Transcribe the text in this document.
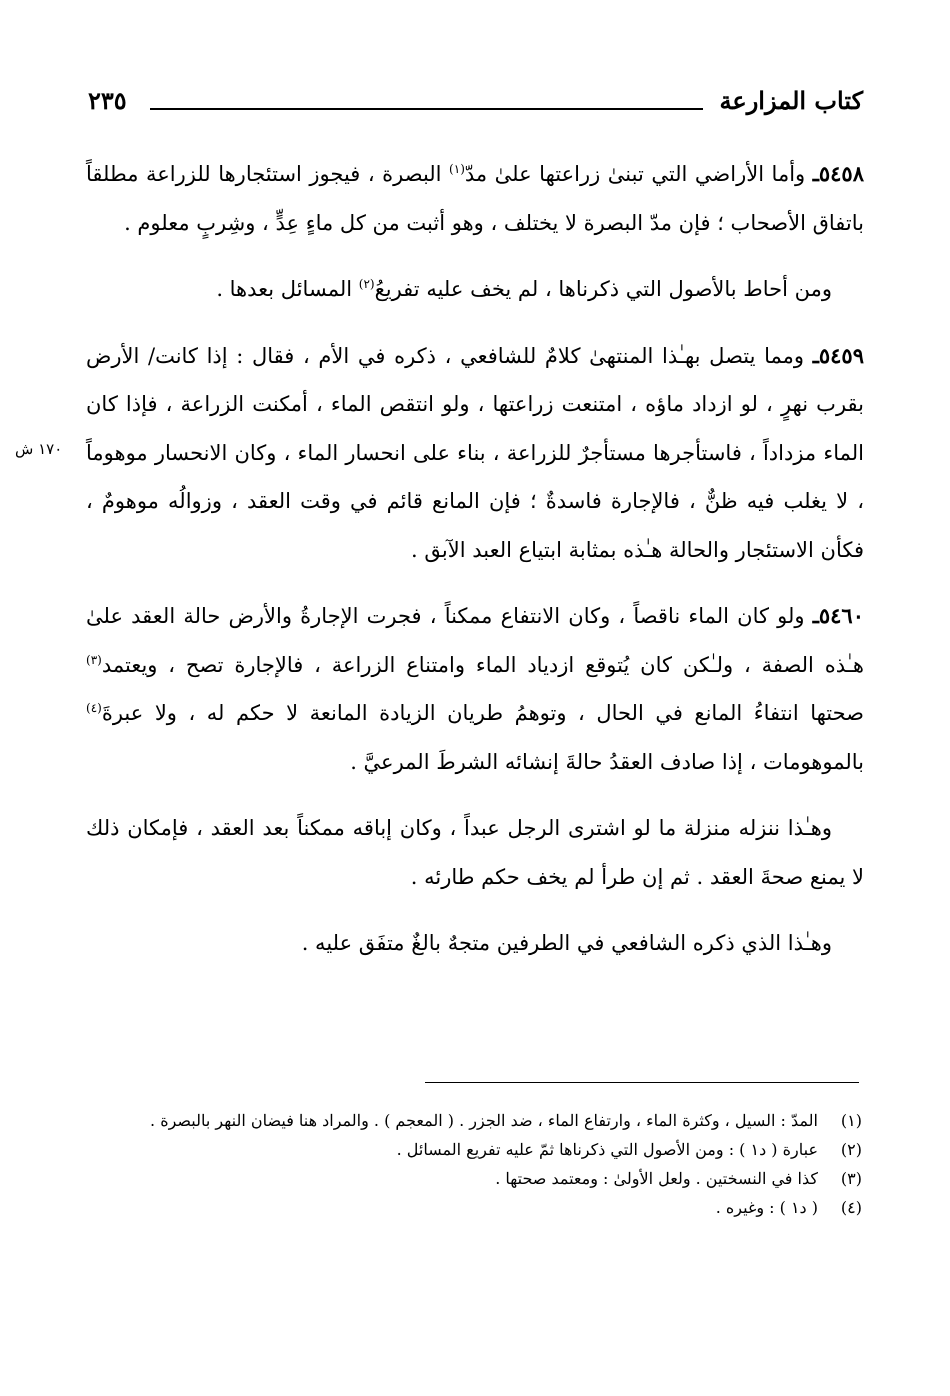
كتاب المزارعة
٢٣٥
١٧٠ ش

٥٤٥٨ـ وأما الأراضي التي تبنىٰ زراعتها علىٰ مدّ$^{(١)}$ البصرة ، فيجوز استئجارها للزراعة مطلقاً باتفاق الأصحاب ؛ فإن مدّ البصرة لا يختلف ، وهو أثبت من كل ماءٍ عِدٍّ ، وشِربٍ معلوم .

ومن أحاط بالأصول التي ذكرناها ، لم يخف عليه تفريعُ$^{(٢)}$ المسائل بعدها .

٥٤٥٩ـ ومما يتصل بهـٰذا المنتهىٰ كلامٌ للشافعي ، ذكره في الأم ، فقال : إذا كانت/ الأرض بقرب نهرٍ ، لو ازداد ماؤه ، امتنعت زراعتها ، ولو انتقص الماء ، أمكنت الزراعة ، فإذا كان الماء مزداداً ، فاستأجرها مستأجرٌ للزراعة ، بناء على انحسار الماء ، وكان الانحسار موهوماً ، لا يغلب فيه ظنٌّ ، فالإجارة فاسدةٌ ؛ فإن المانع قائم في وقت العقد ، وزوالُه موهومٌ ، فكأن الاستئجار والحالة هـٰذه بمثابة ابتياع العبد الآبق .

٥٤٦٠ـ ولو كان الماء ناقصاً ، وكان الانتفاع ممكناً ، فجرت الإجارةُ والأرض حالة العقد علىٰ هـٰذه الصفة ، ولـٰكن كان يُتوقع ازدياد الماء وامتناع الزراعة ، فالإجارة تصح ، ويعتمد$^{(٣)}$ صحتها انتفاءُ المانع في الحال ، وتوهمُ طريان الزيادة المانعة لا حكم له ، ولا عبرةَ$^{(٤)}$ بالموهومات ، إذا صادف العقدُ حالةَ إنشائه الشرطَ المرعيَّ .

وهـٰذا ننزله منزلة ما لو اشترى الرجل عبداً ، وكان إباقه ممكناً بعد العقد ، فإمكان ذلك لا يمنع صحةَ العقد . ثم إن طرأ لم يخف حكم طارئه .

وهـٰذا الذي ذكره الشافعي في الطرفين متجهٌ بالغٌ متفَق عليه .

(١)
المدّ : السيل ، وكثرة الماء ، وارتفاع الماء ، ضد الجزر . ( المعجم ) . والمراد هنا فيضان النهر بالبصرة .
(٢)
عبارة ( د١ ) : ومن الأصول التي ذكرناها ثمّ عليه تفريع المسائل .
(٣)
كذا في النسختين . ولعل الأولىٰ : ومعتمد صحتها .
(٤)
( د١ ) : وغيره .
